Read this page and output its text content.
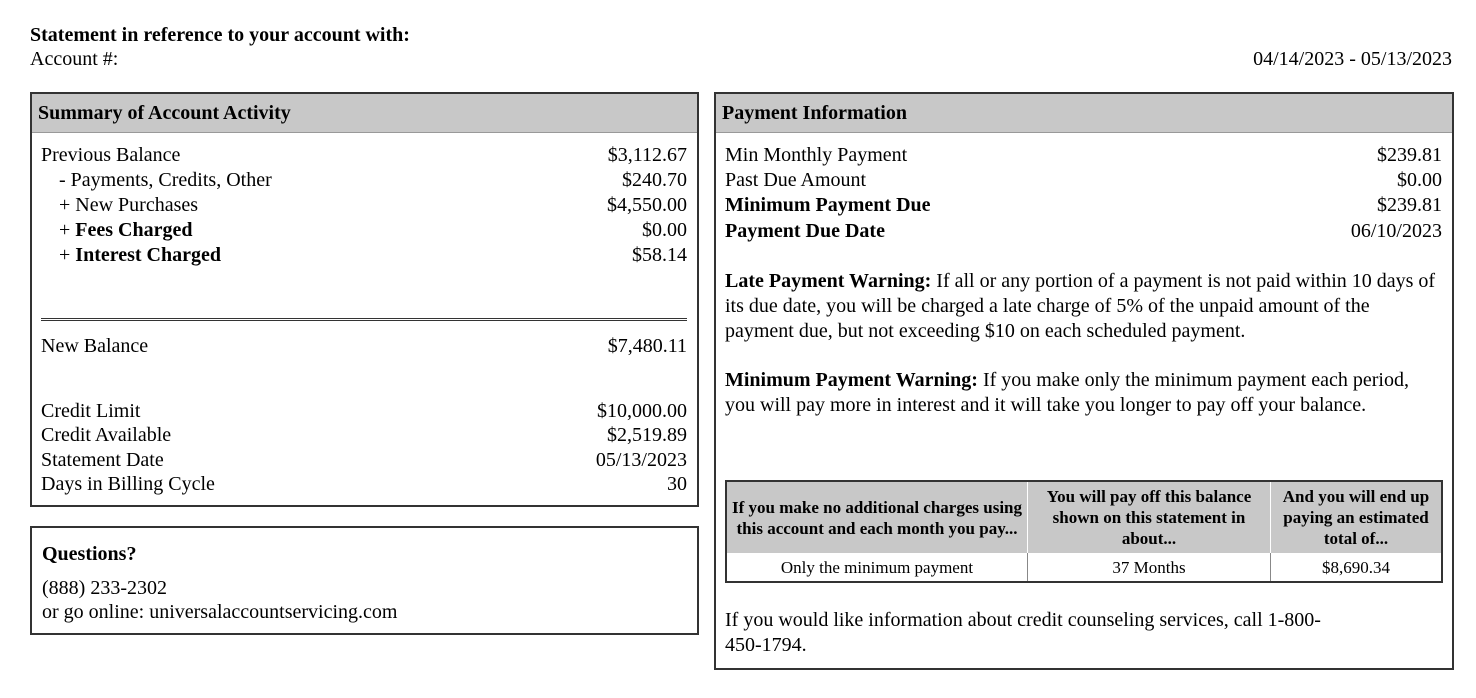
Statement in reference to your account with:
Account #:	04/14/2023 - 05/13/2023
Summary of Account Activity
Previous Balance	$3,112.67
- Payments, Credits, Other	$240.70
+ New Purchases	$4,550.00
+ Fees Charged	$0.00
+ Interest Charged	$58.14
New Balance	$7,480.11
Credit Limit	$10,000.00
Credit Available	$2,519.89
Statement Date	05/13/2023
Days in Billing Cycle	30
Questions?
(888) 233-2302
or go online: universalaccountservicing.com
Payment Information
Min Monthly Payment	$239.81
Past Due Amount	$0.00
Minimum Payment Due	$239.81
Payment Due Date	06/10/2023
Late Payment Warning: If all or any portion of a payment is not paid within 10 days of its due date, you will be charged a late charge of 5% of the unpaid amount of the payment due, but not exceeding $10 on each scheduled payment.
Minimum Payment Warning: If you make only the minimum payment each period, you will pay more in interest and it will take you longer to pay off your balance.
If you make no additional charges using this account and each month you pay...	You will pay off this balance shown on this statement in about...	And you will end up paying an estimated total of...
Only the minimum payment	37 Months	$8,690.34
If you would like information about credit counseling services, call 1-800-450-1794.
